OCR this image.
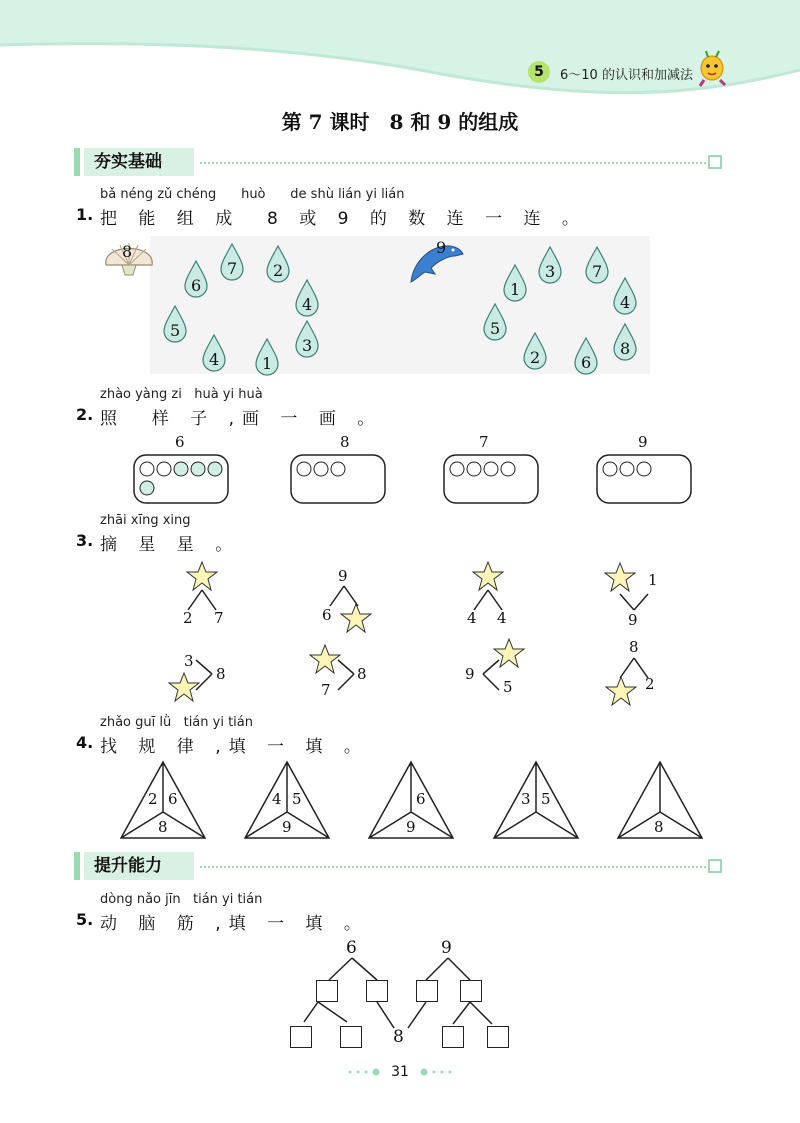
5	6～10 的认识和加减法
第 7 课时　8 和 9 的组成
夯实基础
bǎ néng zǔ chéng      huò      de shù lián yi lián
1. 把 能 组 成  8 或 9 的 数 连 一 连 。
8	9
6
7 2
4
5
3
4	1
1
3 7
4
5
8
2	6
zhào yàng zi   huà yi huà
2. 照  样 子 ,画 一 画 。
6	8	7	9
zhāi xīng xing
3. 摘 星 星 。
2 7
9
6	4 4
1
9
3
8	8
7
9
5
8
2
zhǎo guī lǜ   tián yi tián
4. 找 规 律 ,填 一 填 。
2 6
8
4 5
9
6
9
3 5
8
提升能力
dòng nǎo jīn   tián yi tián
5. 动 脑 筋 ,填 一 填 。
6	9
8
31
